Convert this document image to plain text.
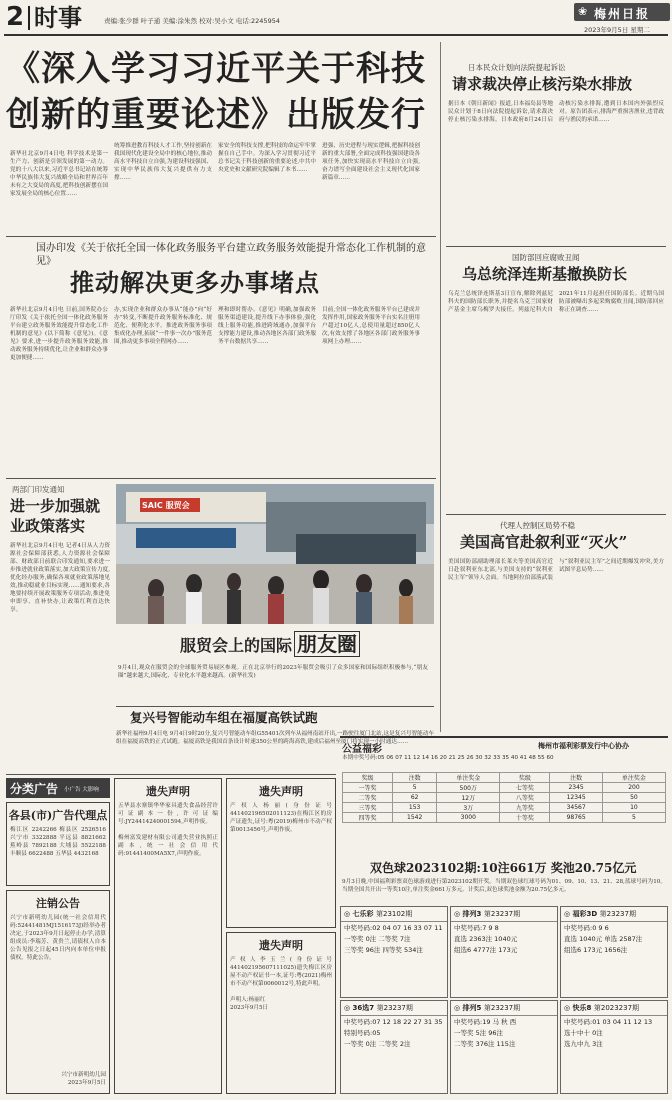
2 时事	责编:张少群 叶子通 美编:涂朱然 校对:吴小文 电话:2245954
❀ 梅州日报
2023年9月5日 星期二
《深入学习习近平关于科技创新的重要论述》出版发行
新华社北京9月4日电 科学技术是第一生产力、创新是引领发展的第一动力。党的十八大以来,习近平总书记站在统筹中华民族伟大复兴战略全局和世界百年未有之大变局的高度,把科技创新摆在国家发展全局的核心位置……
统筹推进教育科技人才工作,坚持创新在我国现代化建设全局中的核心地位,推动高水平科技自立自强,为建设科技强国、实现中华民族伟大复兴提供有力支撑……
家安全的科技支撑,把科技的命运牢牢掌握在自己手中。为深入学习贯彻习近平总书记关于科技创新的重要论述,中共中央党史和文献研究院编辑了本书……
进强、历史进程与现实逻辑,把握科技创新的重大部署,全面完成科技强国建设各项任务,加快实现高水平科技自立自强,奋力谱写全面建设社会主义现代化国家新篇章……
国办印发《关于依托全国一体化政务服务平台建立政务服务效能提升常态化工作机制的意见》
推动解决更多办事堵点
新华社北京9月4日电 日前,国务院办公厅印发《关于依托全国一体化政务服务平台建立政务服务效能提升常态化工作机制的意见》(以下简称《意见》)。《意见》要求,进一步提升政务服务效能,推动政务服务持续优化,让企业和群众办事更加便捷……
办,实现企业和群众办事从“能办”向“好办”转变,不断提升政务服务标准化、规范化、便利化水平。推进政务服务事项集成化办理,拓展“一件事一次办”服务范围,推动更多事项全程网办……
理和即时帮办。《意见》明确,加强政务服务渠道建设,提升线下办事体验,强化线上服务功能,推进跨域通办,加强平台支撑能力建设,推动各地区各部门政务服务平台数据共享……
目前,全国一体化政务服务平台已建成并发挥作用,国家政务服务平台实名注册用户超过10亿人,总使用量超过850亿人次,有效支撑了各地区各部门政务服务事项网上办理……
两部门印发通知
进一步加强就业政策落实
新华社北京9月4日电 记者4日从人力资源社会保障部获悉,人力资源社会保障部、财政部日前联合印发通知,要求进一步推进就业政策落实,加大政策宣传力度,优化经办服务,确保各项就业政策落地见效,推动稳就业目标实现……通知要求,各地要持续开展政策服务专项活动,推进免申即享、直补快办,让政策红利直达快享。
SAIC 服贸会
服贸会上的国际 朋友圈
9月4日,观众在服贸会的全球服务贸易展区参观。正在北京举行的2023年服贸会吸引了众多国家和国际组织积极参与,“朋友圈”越来越大,国际化、专业化水平越来越高。(新华社发)
复兴号智能动车组在福厦高铁试跑
新华社福州9月4日电 9月4日9时20分,复兴号智能动车组G55401次列车从福州南站开出,一路驶往厦门北站,这是复兴号智能动车组在福厦高铁的正式试跑。福厦高铁是我国首条设计时速350公里的跨海高铁,建成后福州至厦门将实现一小时通达……
日本民众计划向法院提起诉讼
请求裁决停止核污染水排放
据日本《朝日新闻》报道,日本福岛县等地民众计划于8日向法院提起诉讼,请求裁决停止核污染水排海。日本政府8月24日启动核污染水排海,遭到日本国内外强烈反对。原告团表示,排海严重损害渔业,违背政府与渔民的承诺……
国防部回应腐败丑闻
乌总统泽连斯基撤换防长
乌克兰总统泽连斯基3日宣布,解除列兹尼科夫的国防部长职务,并提名乌克兰国家财产基金主席乌梅罗夫接任。列兹尼科夫自2021年11月起担任国防部长。近期乌国防部被曝出多起采购腐败丑闻,国防部回应称正在调查……
代理人控制区局势不稳
美国高官赴叙利亚“灭火”
美国国防部副助理部长莱夫等美国高官近日赴叙利亚东北部,与美国支持的“叙利亚民主军”领导人会面。当地阿拉伯部落武装与“叙利亚民主军”之间近期爆发冲突,美方试图平息局势……
公益福彩	梅州市福利彩票发行中心协办
本期中奖号码:05 06 07 11 12 14 16 20 21 25 26 30 32 33 35 40 41 48 55 60
奖级	注数	单注奖金	奖级	注数	单注奖金
一等奖	5	500万	七等奖	2345	200
二等奖	62	12万	八等奖	12345	50
三等奖	153	3万	九等奖	34567	10
四等奖	1542	3000	十等奖	98765	5
双色球2023102期:10注661万 奖池20.75亿元
9月3日晚,中国福利彩票双色球游戏进行第2023102期开奖。当期双色球红球号码为01、09、10、13、21、28,蓝球号码为10。当期全国共开出一等奖10注,单注奖金661万多元。计奖后,双色球奖池金额为20.75亿多元。
◎ 七乐彩 第23102期
中奖号码:02 04 07 16 33 07 11
一等奖 0注 二等奖 7注
三等奖 96注 四等奖 534注
◎ 排列3 第23237期
中奖号码:7 9 8
直选 2363注 1040元
组选6 4777注 173元
◎ 福彩3D 第23237期
中奖号码:0 9 6
直选 1040元 单选 2587注
组选6 173元 1656注
◎ 36选7 第23237期
中奖号码:07 12 18 22 27 31 35
特别号码:05
一等奖 0注 二等奖 2注
◎ 排列5 第23237期
中奖号码:19 马 秋 西
一等奖 5注 96注
二等奖 376注 115注
◎ 快乐8 第2023237期
中奖号码:01 03 04 11 12 13
选十中十 0注
选九中九 3注
分类广告 小广告 大影响
各县(市)广告代理点
梅江区 2242266 梅县区 2526516 兴宁市 3322888 平远县 8821662 蕉岭县 7892188 大埔县 5522188 丰顺县 6622488 五华县 4432168
注销公告
兴宁市新明幼儿园(统一社会信用代码:52441481MJ1516173J)经举办者决定,于2023年9月日起停止办学,清算组成员:李瑞芳、黄贵兰,请债权人自本公告见报之日起45日内向本单位申报债权。特此公告。
兴宁市新明幼儿园
2023年9月5日
遗失声明
五华县水寨镇华华家具遗失食品经营许可证副本一份,许可证编号:JY24414240001594,声明作废。

梅州富发建材有限公司遗失营业执照正副本,统一社会信用代码:91441400MA5X7,声明作废。
遗失声明
产权人杨丽(身份证号441402196502011123)在梅江区的房产证遗失,证号:粤(2019)梅州市不动产权第0013456号,声明作废。
遗失声明
产权人李玉兰(身份证号441402195607111025)遗失梅江区房屋不动产权证书一本,证号:粤(2021)梅州市不动产权第0060012号,特此声明。

声明人:杨丽红
2023年9月5日
